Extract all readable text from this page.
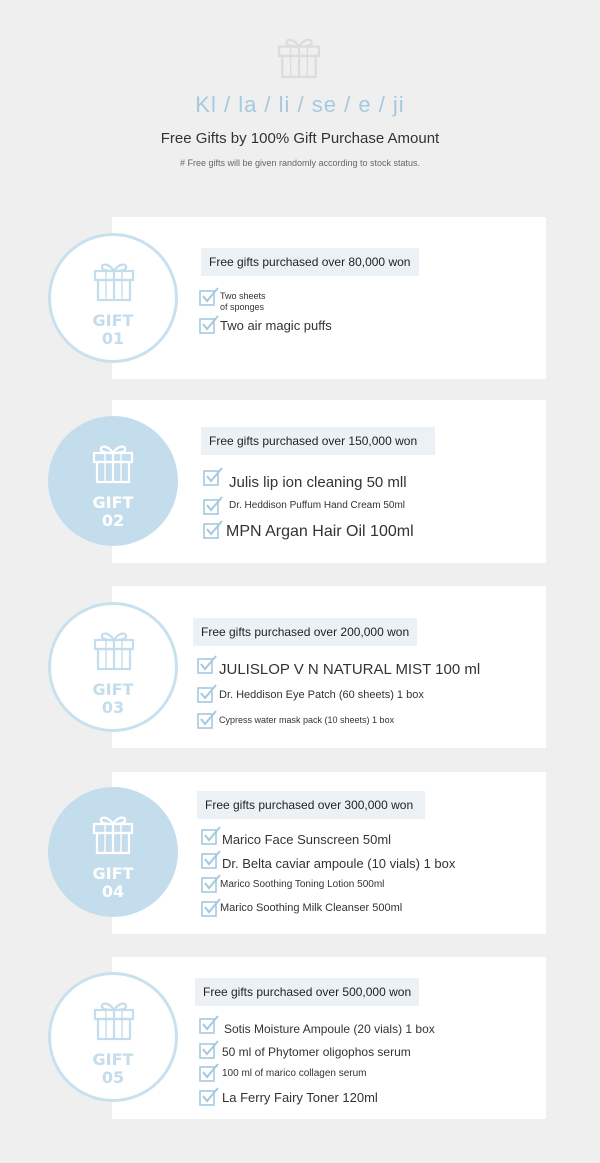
Kl / la / li / se / e / ji
Free Gifts by 100% Gift Purchase Amount
# Free gifts will be given randomly according to stock status.
GIFT
01
Free gifts purchased over 80,000 won
Two sheets
of sponges
Two air magic puffs
GIFT
02
Free gifts purchased over 150,000 won
Julis lip ion cleaning 50 mll
Dr. Heddison Puffum Hand Cream 50ml
MPN Argan Hair Oil 100ml
GIFT
03
Free gifts purchased over 200,000 won
JULISLOP V N NATURAL MIST 100 ml
Dr. Heddison Eye Patch (60 sheets) 1 box
Cypress water mask pack (10 sheets) 1 box
GIFT
04
Free gifts purchased over 300,000 won
Marico Face Sunscreen 50ml
Dr. Belta caviar ampoule (10 vials) 1 box
Marico Soothing Toning Lotion 500ml
Marico Soothing Milk Cleanser 500ml
GIFT
05
Free gifts purchased over 500,000 won
Sotis Moisture Ampoule (20 vials) 1 box
50 ml of Phytomer oligophos serum
100 ml of marico collagen serum
La Ferry Fairy Toner 120ml
